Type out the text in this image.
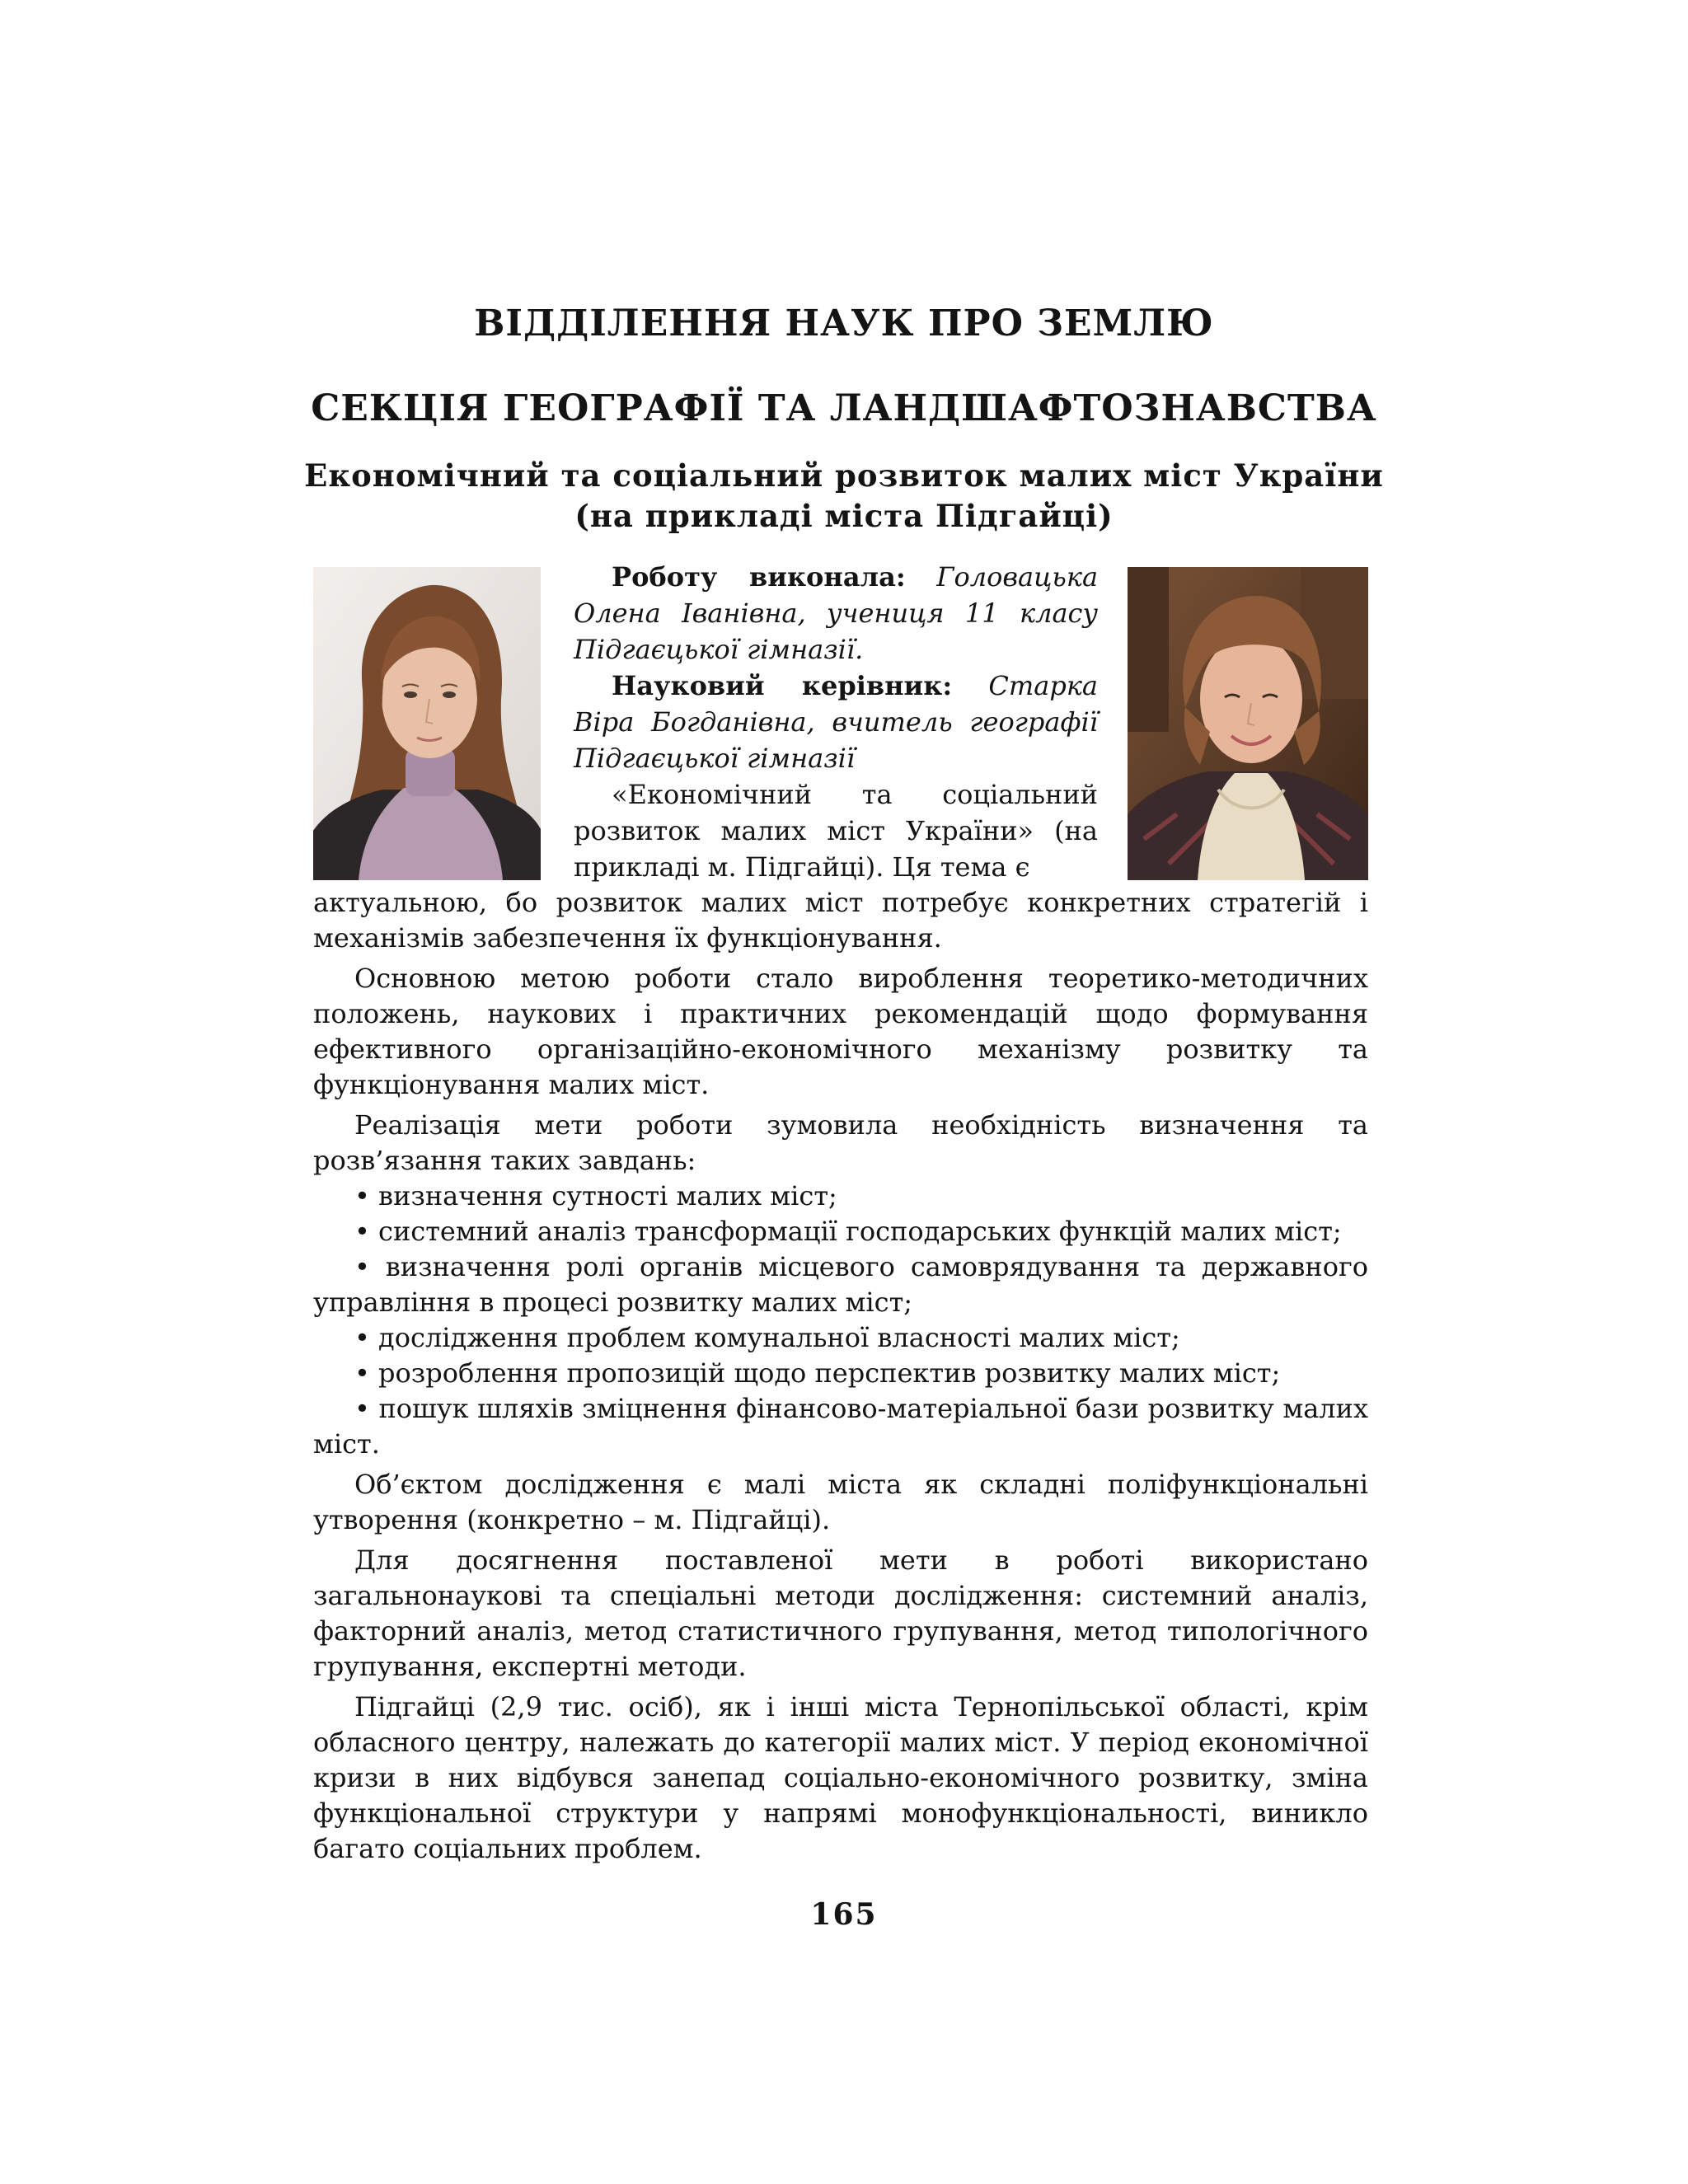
ВІДДІЛЕННЯ НАУК ПРО ЗЕМЛЮ
СЕКЦІЯ ГЕОГРАФІЇ ТА ЛАНДШАФТОЗНАВСТВА
Економічний та соціальний розвиток малих міст України
(на прикладі міста Підгайці)

Роботу виконала: Головацька Олена Іванівна, учениця 11 класу Підгаєцької гімназії.

Науковий керівник: Старка Віра Богданівна, вчитель географії Підгаєцької гімназії

«Економічний та соціальний розвиток малих міст України» (на прикладі м. Підгайці). Ця тема є

актуальною, бо розвиток малих міст потребує конкретних стратегій і механізмів забезпечення їх функціонування.

Основною метою роботи стало вироблення теоретико-методичних положень, наукових і практичних рекомендацій щодо формування ефективного організаційно-економічного механізму розвитку та функціонування малих міст.

Реалізація мети роботи зумовила необхідність визначення та розв’язання таких завдань:

• визначення сутності малих міст;

• системний аналіз трансформації господарських функцій малих міст;

• визначення ролі органів місцевого самоврядування та державного управління в процесі розвитку малих міст;

• дослідження проблем комунальної власності малих міст;

• розроблення пропозицій щодо перспектив розвитку малих міст;

• пошук шляхів зміцнення фінансово-матеріальної бази розвитку малих міст.

Об’єктом дослідження є малі міста як складні поліфункціональні утворення (конкретно – м. Підгайці).

Для досягнення поставленої мети в роботі використано загальнонаукові та спеціальні методи дослідження: системний аналіз, факторний аналіз, метод статистичного групування, метод типологічного групування, експертні методи.

Підгайці (2,9 тис. осіб), як і інші міста Тернопільської області, крім обласного центру, належать до категорії малих міст. У період економічної кризи в них відбувся занепад соціально-економічного розвитку, зміна функціональної структури у напрямі монофункціональності, виникло багато соціальних проблем.

165
